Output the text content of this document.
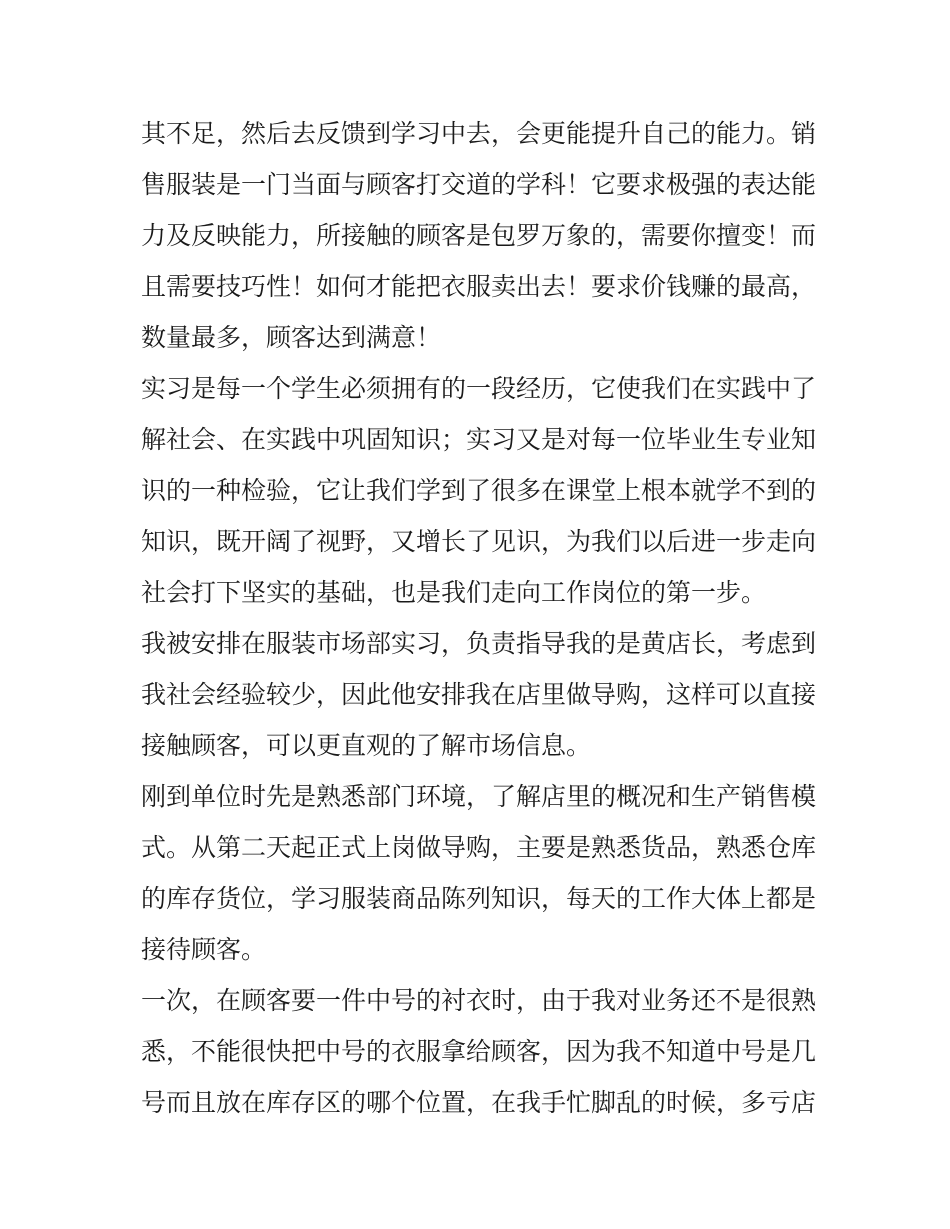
其不足，然后去反馈到学习中去，会更能提升自己的能力。销
售服装是一门当面与顾客打交道的学科！它要求极强的表达能
力及反映能力，所接触的顾客是包罗万象的，需要你擅变！而
且需要技巧性！如何才能把衣服卖出去！要求价钱赚的最高，
数量最多，顾客达到满意！
实习是每一个学生必须拥有的一段经历，它使我们在实践中了
解社会、在实践中巩固知识；实习又是对每一位毕业生专业知
识的一种检验，它让我们学到了很多在课堂上根本就学不到的
知识，既开阔了视野，又增长了见识，为我们以后进一步走向
社会打下坚实的基础，也是我们走向工作岗位的第一步。
我被安排在服装市场部实习，负责指导我的是黄店长，考虑到
我社会经验较少，因此他安排我在店里做导购，这样可以直接
接触顾客，可以更直观的了解市场信息。
刚到单位时先是熟悉部门环境，了解店里的概况和生产销售模
式。从第二天起正式上岗做导购，主要是熟悉货品，熟悉仓库
的库存货位，学习服装商品陈列知识，每天的工作大体上都是
接待顾客。
一次，在顾客要一件中号的衬衣时，由于我对业务还不是很熟
悉，不能很快把中号的衣服拿给顾客，因为我不知道中号是几
号而且放在库存区的哪个位置，在我手忙脚乱的时候，多亏店
